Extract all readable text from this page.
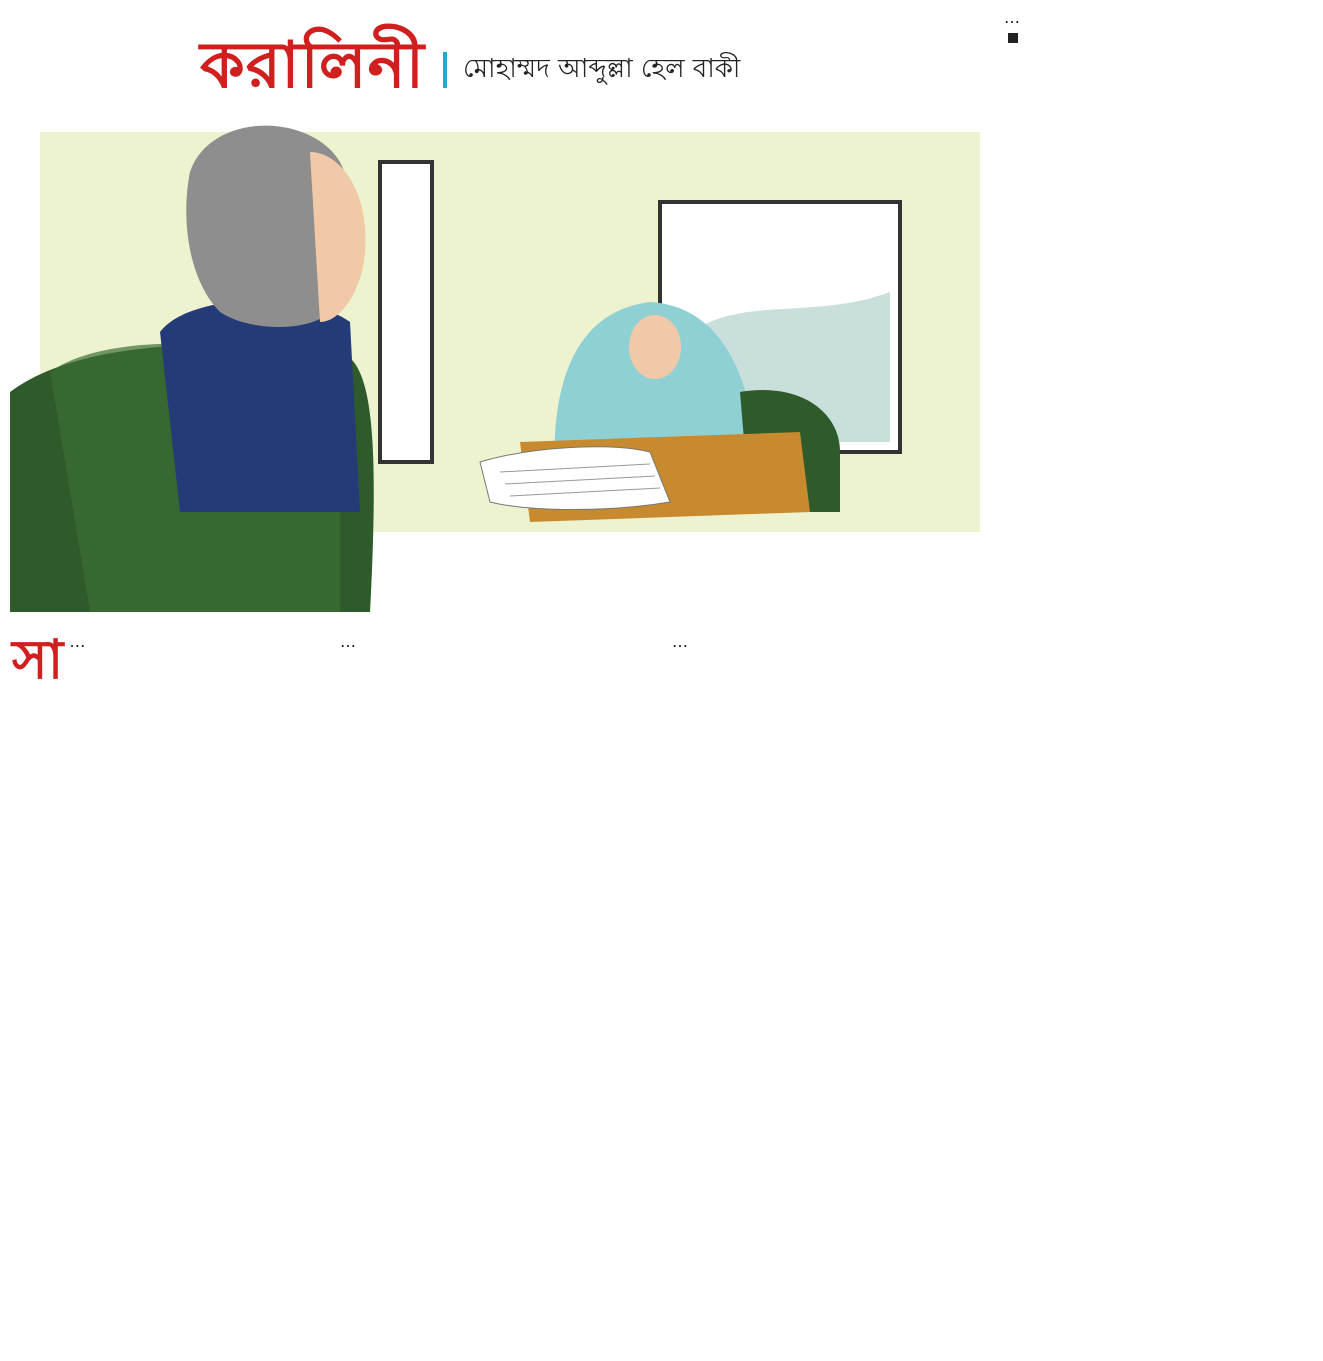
করালিনী মোহাম্মদ আব্দুল্লা হেল বাকী
সা …	…	…

…
